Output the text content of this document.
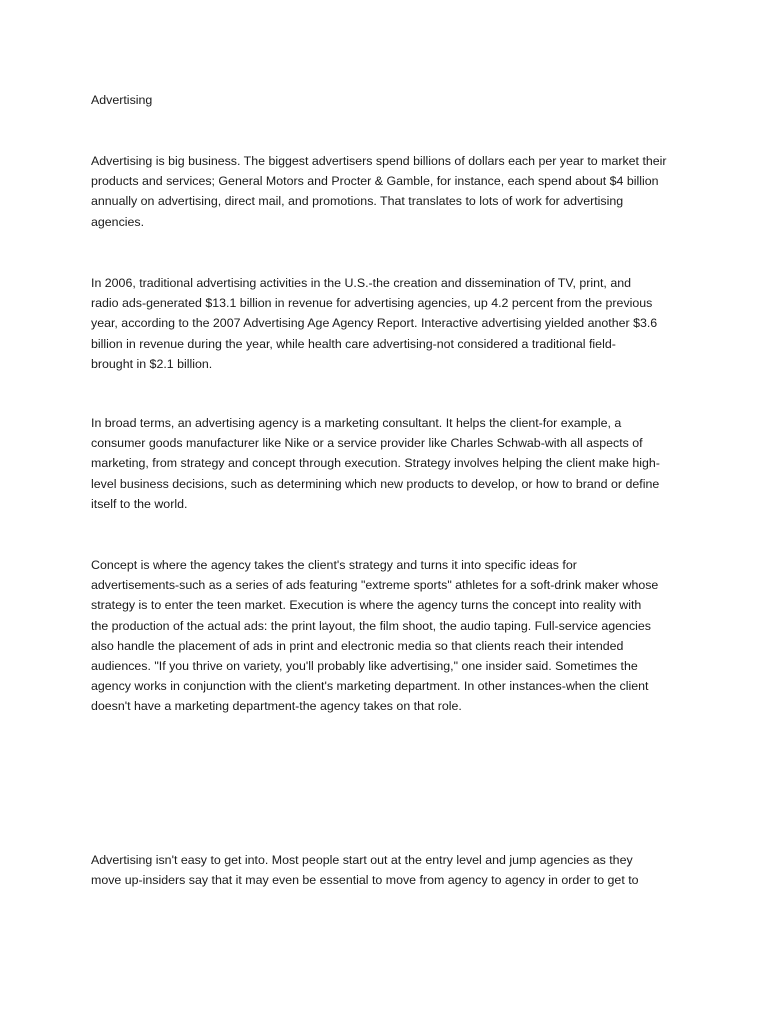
Advertising

Advertising is big business. The biggest advertisers spend billions of dollars each per year to market their
products and services; General Motors and Procter & Gamble, for instance, each spend about $4 billion
annually on advertising, direct mail, and promotions. That translates to lots of work for advertising
agencies.

In 2006, traditional advertising activities in the U.S.-the creation and dissemination of TV, print, and
radio ads-generated $13.1 billion in revenue for advertising agencies, up 4.2 percent from the previous
year, according to the 2007 Advertising Age Agency Report. Interactive advertising yielded another $3.6
billion in revenue during the year, while health care advertising-not considered a traditional field-
brought in $2.1 billion.

In broad terms, an advertising agency is a marketing consultant. It helps the client-for example, a
consumer goods manufacturer like Nike or a service provider like Charles Schwab-with all aspects of
marketing, from strategy and concept through execution. Strategy involves helping the client make high-
level business decisions, such as determining which new products to develop, or how to brand or define
itself to the world.

Concept is where the agency takes the client's strategy and turns it into specific ideas for
advertisements-such as a series of ads featuring "extreme sports" athletes for a soft-drink maker whose
strategy is to enter the teen market. Execution is where the agency turns the concept into reality with
the production of the actual ads: the print layout, the film shoot, the audio taping. Full-service agencies
also handle the placement of ads in print and electronic media so that clients reach their intended
audiences. "If you thrive on variety, you'll probably like advertising," one insider said. Sometimes the
agency works in conjunction with the client's marketing department. In other instances-when the client
doesn't have a marketing department-the agency takes on that role.

Advertising isn't easy to get into. Most people start out at the entry level and jump agencies as they
move up-insiders say that it may even be essential to move from agency to agency in order to get to
